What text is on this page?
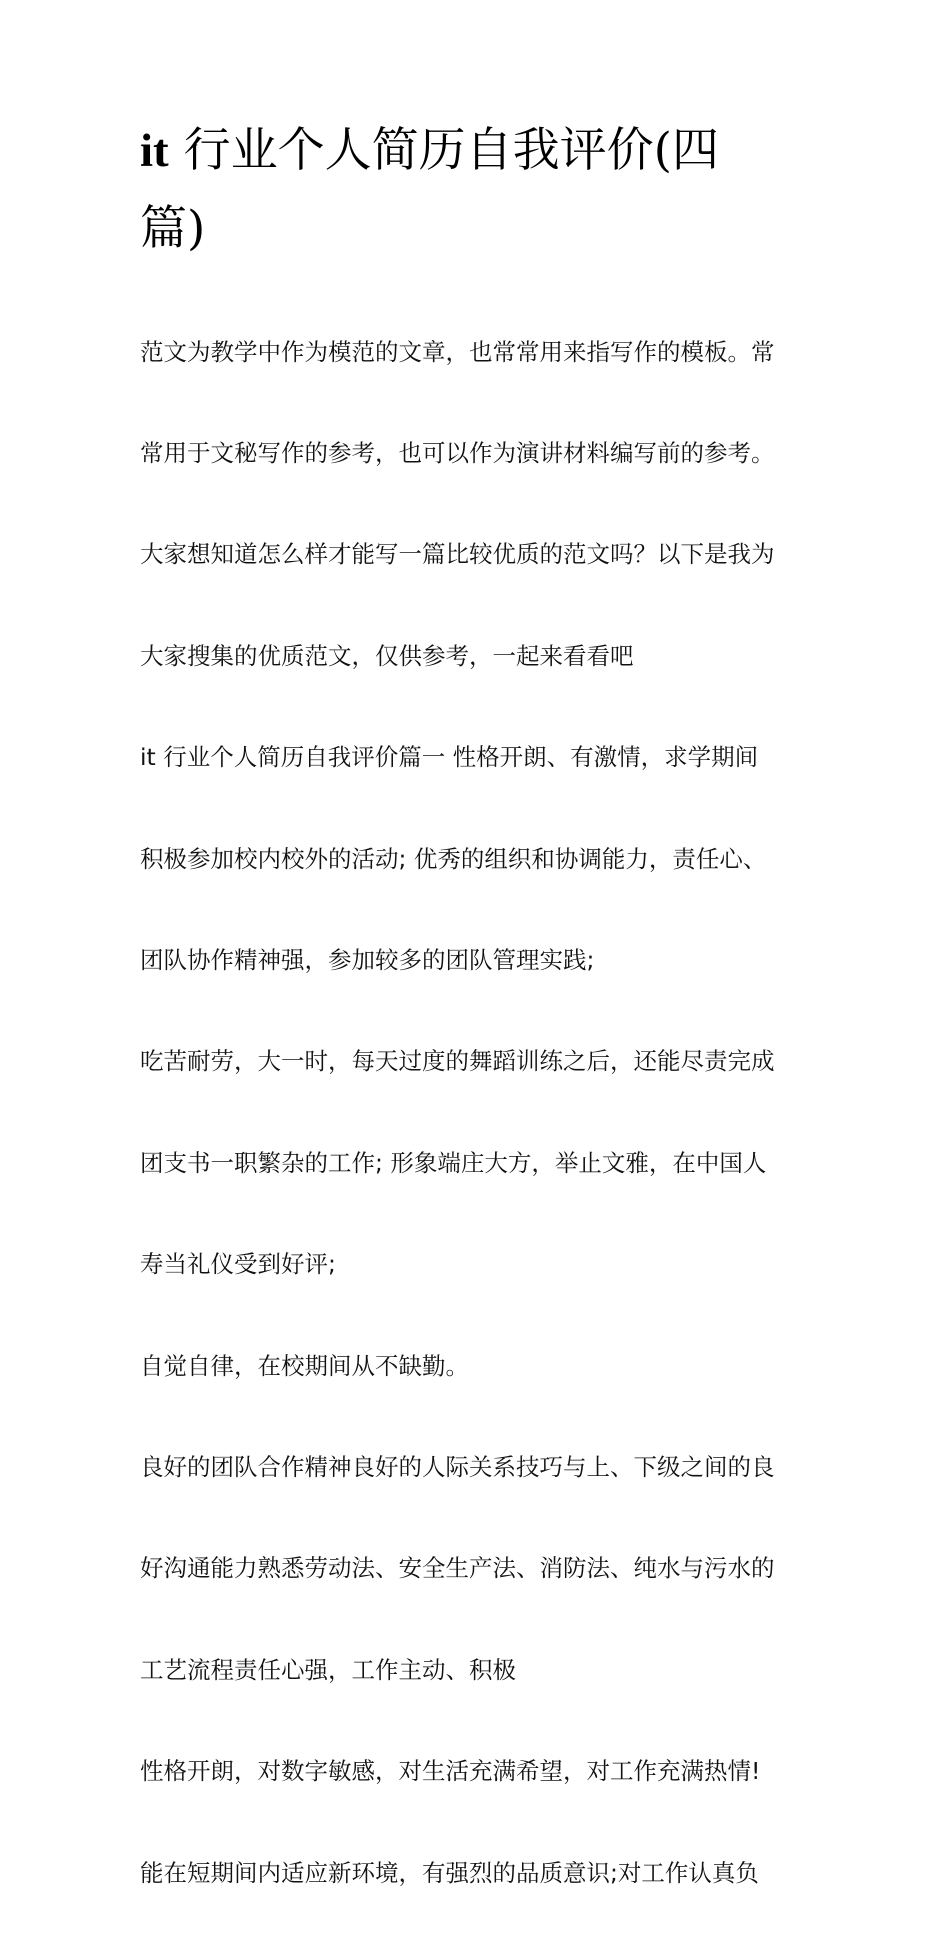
it 行业个人简历自我评价(四
篇)

范文为教学中作为模范的文章，也常常用来指写作的模板。常

常用于文秘写作的参考，也可以作为演讲材料编写前的参考。

大家想知道怎么样才能写一篇比较优质的范文吗？以下是我为

大家搜集的优质范文，仅供参考，一起来看看吧

it 行业个人简历自我评价篇一 性格开朗、有激情，求学期间

积极参加校内校外的活动; 优秀的组织和协调能力，责任心、

团队协作精神强，参加较多的团队管理实践;

吃苦耐劳，大一时，每天过度的舞蹈训练之后，还能尽责完成

团支书一职繁杂的工作; 形象端庄大方，举止文雅，在中国人

寿当礼仪受到好评;

自觉自律，在校期间从不缺勤。

良好的团队合作精神良好的人际关系技巧与上、下级之间的良

好沟通能力熟悉劳动法、安全生产法、消防法、纯水与污水的

工艺流程责任心强，工作主动、积极

性格开朗，对数字敏感，对生活充满希望，对工作充满热情!

能在短期间内适应新环境，有强烈的品质意识;对工作认真负
